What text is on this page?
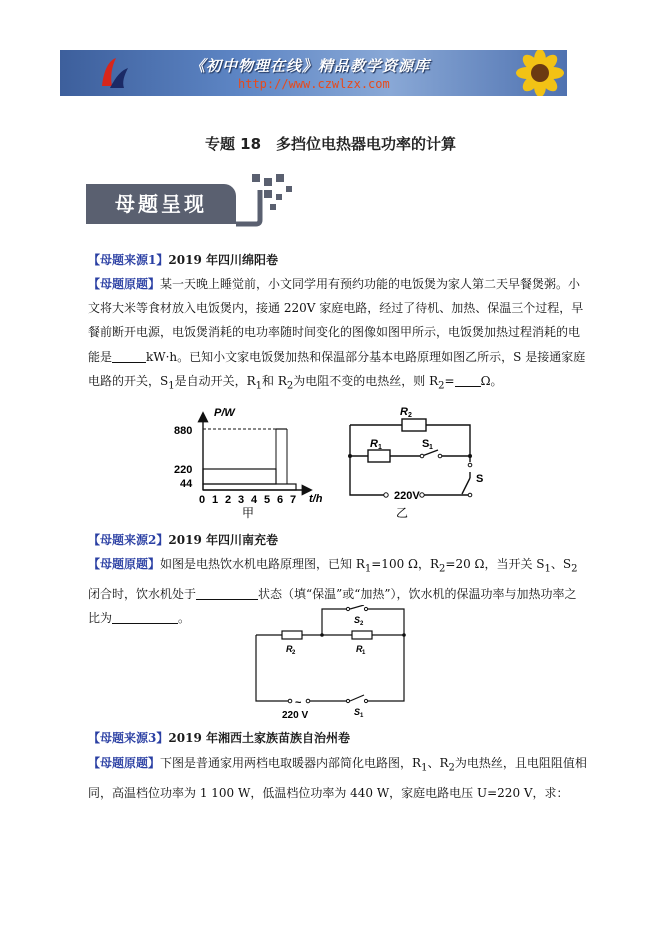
《初中物理在线》精品教学资源库
http://www.czwlzx.com
专题 18　多挡位电热器电功率的计算
母题呈现
【母题来源1】2019 年四川绵阳卷
【母题原题】某一天晚上睡觉前，小文同学用有预约功能的电饭煲为家人第二天早餐煲粥。小文将大米等食材放入电饭煲内，接通 220V 家庭电路，经过了待机、加热、保温三个过程，早餐前断开电源，电饭煲消耗的电功率随时间变化的图像如图甲所示，电饭煲加热过程消耗的电能是	kW·h。已知小文家电饭煲加热和保温部分基本电路原理如图乙所示，S 是接通家庭电路的开关，$S_1$是自动开关，$R_1$和 $R_2$为电阻不变的电热丝，则 $R_2= \Omega$。
P/W
t/h
880
220
44
0 1 2 3 4 5 6 7
甲
R 2
R 1	S 1
S
220V
乙
【母题来源2】2019 年四川南充卷
【母题原题】如图是电热饮水机电路原理图，已知 $R_1=100$ Ω，$R_2=20$ Ω，当开关 $S_1$、$S_2$闭合时，饮水机处于	状态（填“保温”或“加热”），饮水机的保温功率与加热功率之比为	。
~
S 2
R 2	R 1
S 1
220 V
【母题来源3】2019 年湘西土家族苗族自治州卷
【母题原题】下图是普通家用两档电取暖器内部简化电路图，$R_1$、$R_2$为电热丝，且电阻阻值相同，高温档位功率为 1 100 W，低温档位功率为 440 W，家庭电路电压 U=220 V，求：
